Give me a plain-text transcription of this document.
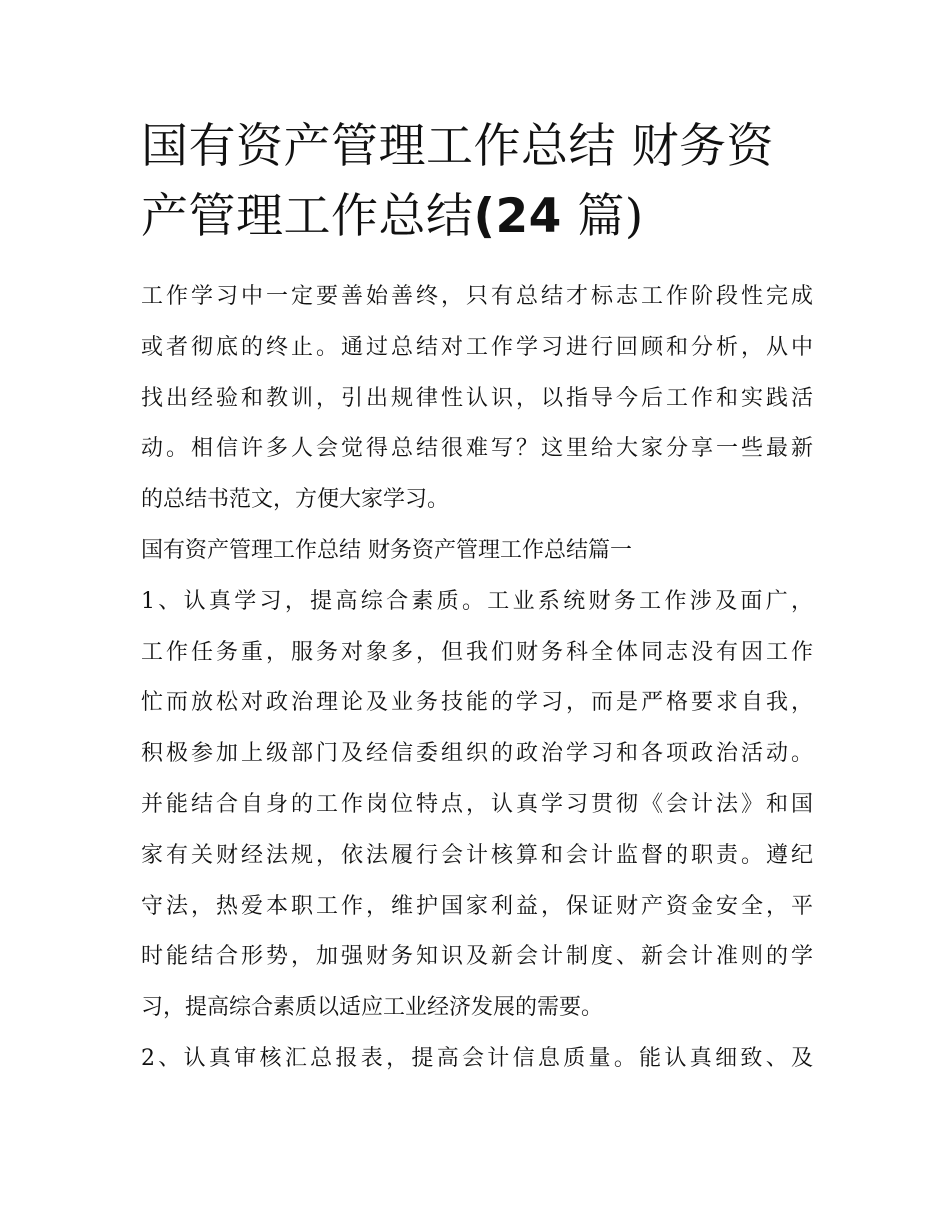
国有资产管理工作总结 财务资
产管理工作总结(24 篇)

工作学习中一定要善始善终，只有总结才标志工作阶段性完成
或者彻底的终止。通过总结对工作学习进行回顾和分析，从中
找出经验和教训，引出规律性认识，以指导今后工作和实践活
动。相信许多人会觉得总结很难写？这里给大家分享一些最新
的总结书范文，方便大家学习。

国有资产管理工作总结 财务资产管理工作总结篇一

1、认真学习，提高综合素质。工业系统财务工作涉及面广，
工作任务重，服务对象多，但我们财务科全体同志没有因工作
忙而放松对政治理论及业务技能的学习，而是严格要求自我，
积极参加上级部门及经信委组织的政治学习和各项政治活动。
并能结合自身的工作岗位特点，认真学习贯彻《会计法》和国
家有关财经法规，依法履行会计核算和会计监督的职责。遵纪
守法，热爱本职工作，维护国家利益，保证财产资金安全，平
时能结合形势，加强财务知识及新会计制度、新会计准则的学
习，提高综合素质以适应工业经济发展的需要。

2、认真审核汇总报表，提高会计信息质量。能认真细致、及
